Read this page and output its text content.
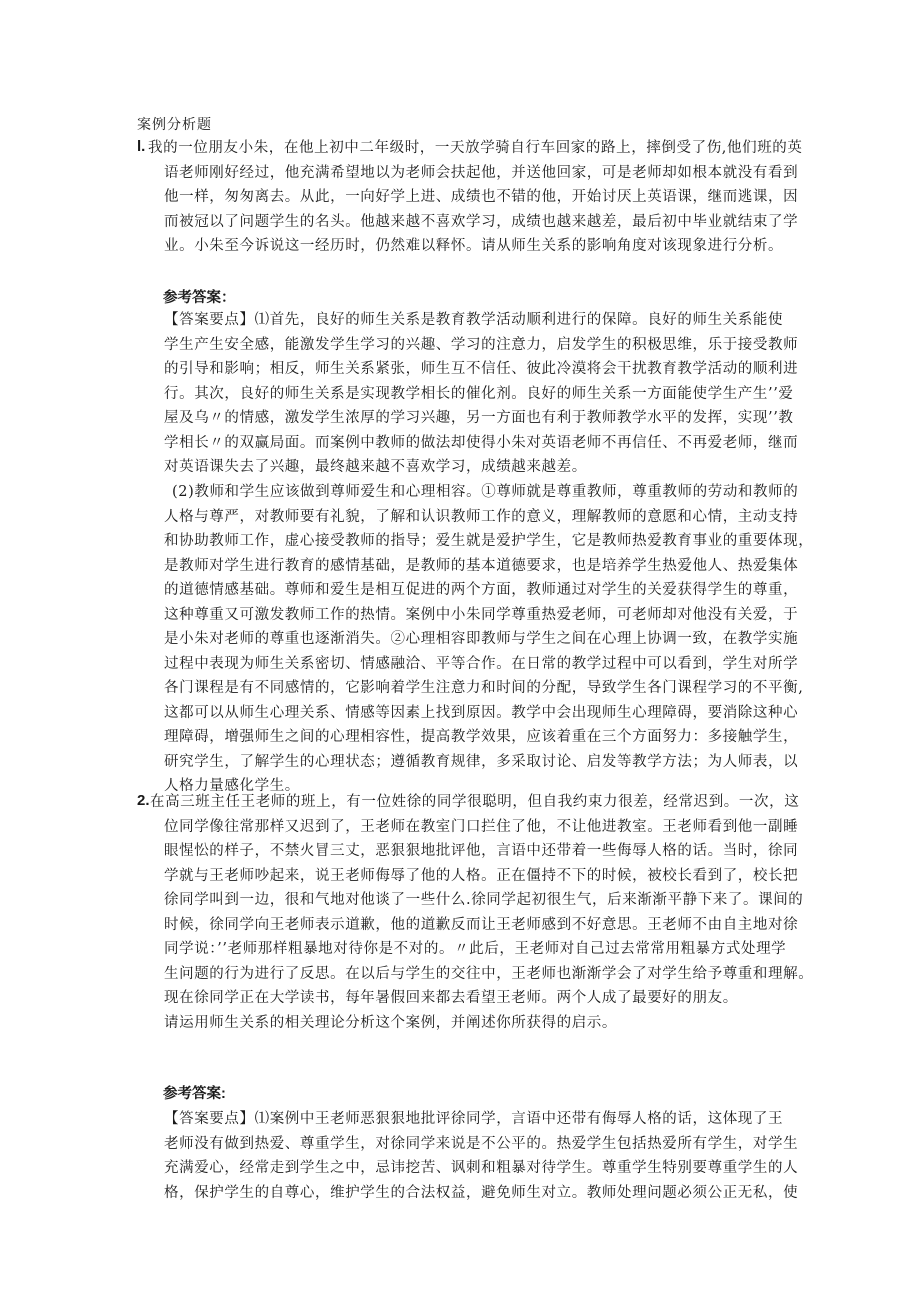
案例分析题
l. 我的一位朋友小朱，在他上初中二年级时，一天放学骑自行车回家的路上，摔倒受了伤,他们班的英
语老师刚好经过，他充满希望地以为老师会扶起他，并送他回家，可是老师却如根本就没有看到
他一样，匆匆离去。从此，一向好学上进、成绩也不错的他，开始讨厌上英语课，继而逃课，因
而被冠以了问题学生的名头。他越来越不喜欢学习，成绩也越来越差，最后初中毕业就结束了学
业。小朱至今诉说这一经历时，仍然难以释怀。请从师生关系的影响角度对该现象进行分析。
参考答案：
【答案要点】⑴首先，良好的师生关系是教育教学活动顺利进行的保障。良好的师生关系能使
学生产生安全感，能激发学生学习的兴趣、学习的注意力，启发学生的积极思维，乐于接受教师
的引导和影响；相反，师生关系紧张，师生互不信任、彼此冷漠将会干扰教育教学活动的顺利进
行。其次，良好的师生关系是实现教学相长的催化剂。良好的师生关系一方面能使学生产生’’爱
屋及乌〃的情感，激发学生浓厚的学习兴趣，另一方面也有利于教师教学水平的发挥，实现’’教
学相长〃的双赢局面。而案例中教师的做法却使得小朱对英语老师不再信任、不再爱老师，继而
对英语课失去了兴趣，最终越来越不喜欢学习，成绩越来越差。
(2)教师和学生应该做到尊师爱生和心理相容。①尊师就是尊重教师，尊重教师的劳动和教师的
人格与尊严，对教师要有礼貌，了解和认识教师工作的意义，理解教师的意愿和心情，主动支持
和协助教师工作，虚心接受教师的指导；爱生就是爱护学生，它是教师热爱教育事业的重要体现，
是教师对学生进行教育的感情基础，是教师的基本道德要求，也是培养学生热爱他人、热爱集体
的道德情感基础。尊师和爱生是相互促进的两个方面，教师通过对学生的关爱获得学生的尊重，
这种尊重又可激发教师工作的热情。案例中小朱同学尊重热爱老师，可老师却对他没有关爱，于
是小朱对老师的尊重也逐渐消失。②心理相容即教师与学生之间在心理上协调一致，在教学实施
过程中表现为师生关系密切、情感融洽、平等合作。在日常的教学过程中可以看到，学生对所学
各门课程是有不同感情的，它影响着学生注意力和时间的分配，导致学生各门课程学习的不平衡,
这都可以从师生心理关系、情感等因素上找到原因。教学中会出现师生心理障碍，要消除这种心
理障碍，增强师生之间的心理相容性，提高教学效果，应该着重在三个方面努力：多接触学生，
研究学生，了解学生的心理状态；遵循教育规律，多采取讨论、启发等教学方法；为人师表，以
人格力量感化学生。
2. 在高三班主任王老师的班上，有一位姓徐的同学很聪明，但自我约束力很差，经常迟到。一次，这
位同学像往常那样又迟到了，王老师在教室门口拦住了他，不让他进教室。王老师看到他一副睡
眼惺忪的样子，不禁火冒三丈，恶狠狠地批评他，言语中还带着一些侮辱人格的话。当时，徐同
学就与王老师吵起来，说王老师侮辱了他的人格。正在僵持不下的时候，被校长看到了，校长把
徐同学叫到一边，很和气地对他谈了一些什么.徐同学起初很生气，后来渐渐平静下来了。课间的
时候，徐同学向王老师表示道歉，他的道歉反而让王老师感到不好意思。王老师不由自主地对徐
同学说：’’老师那样粗暴地对待你是不对的。〃此后，王老师对自己过去常常用粗暴方式处理学
生问题的行为进行了反思。在以后与学生的交往中，王老师也渐渐学会了对学生给予尊重和理解。
现在徐同学正在大学读书，每年暑假回来都去看望王老师。两个人成了最要好的朋友。
请运用师生关系的相关理论分析这个案例，并阐述你所获得的启示。
参考答案:
【答案要点】⑴案例中王老师恶狠狠地批评徐同学，言语中还带有侮辱人格的话，这体现了王
老师没有做到热爱、尊重学生，对徐同学来说是不公平的。热爱学生包括热爱所有学生，对学生
充满爱心，经常走到学生之中，忌讳挖苦、讽刺和粗暴对待学生。尊重学生特别要尊重学生的人
格，保护学生的自尊心，维护学生的合法权益，避免师生对立。教师处理问题必须公正无私，使
